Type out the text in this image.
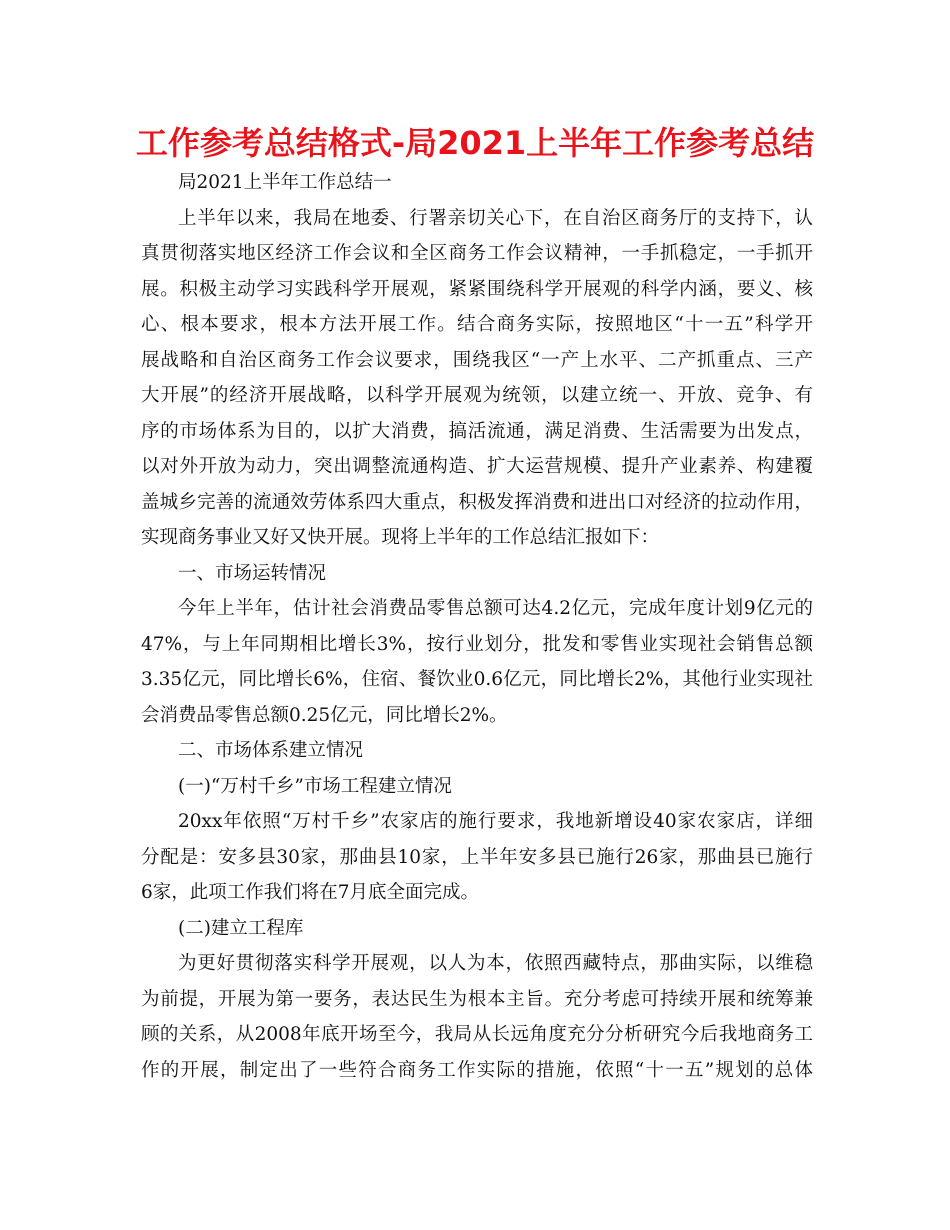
工作参考总结格式-局2021上半年工作参考总结
局2021上半年工作总结一
上半年以来，我局在地委、行署亲切关心下，在自治区商务厅的支持下，认
真贯彻落实地区经济工作会议和全区商务工作会议精神，一手抓稳定，一手抓开
展。积极主动学习实践科学开展观，紧紧围绕科学开展观的科学内涵，要义、核
心、根本要求，根本方法开展工作。结合商务实际，按照地区“十一五”科学开
展战略和自治区商务工作会议要求，围绕我区“一产上水平、二产抓重点、三产
大开展”的经济开展战略，以科学开展观为统领，以建立统一、开放、竞争、有
序的市场体系为目的，以扩大消费，搞活流通，满足消费、生活需要为出发点，
以对外开放为动力，突出调整流通构造、扩大运营规模、提升产业素养、构建覆
盖城乡完善的流通效劳体系四大重点，积极发挥消费和进出口对经济的拉动作用，
实现商务事业又好又快开展。现将上半年的工作总结汇报如下：
一、市场运转情况
今年上半年，估计社会消费品零售总额可达4.2亿元，完成年度计划9亿元的
47%，与上年同期相比增长3%，按行业划分，批发和零售业实现社会销售总额
3.35亿元，同比增长6%，住宿、餐饮业0.6亿元，同比增长2%，其他行业实现社
会消费品零售总额0.25亿元，同比增长2%。
二、市场体系建立情况
(一)“万村千乡”市场工程建立情况
20xx年依照“万村千乡”农家店的施行要求，我地新增设40家农家店，详细
分配是：安多县30家，那曲县10家，上半年安多县已施行26家，那曲县已施行
6家，此项工作我们将在7月底全面完成。
(二)建立工程库
为更好贯彻落实科学开展观，以人为本，依照西藏特点，那曲实际，以维稳
为前提，开展为第一要务，表达民生为根本主旨。充分考虑可持续开展和统筹兼
顾的关系，从2008年底开场至今，我局从长远角度充分分析研究今后我地商务工
作的开展，制定出了一些符合商务工作实际的措施，依照“十一五”规划的总体
